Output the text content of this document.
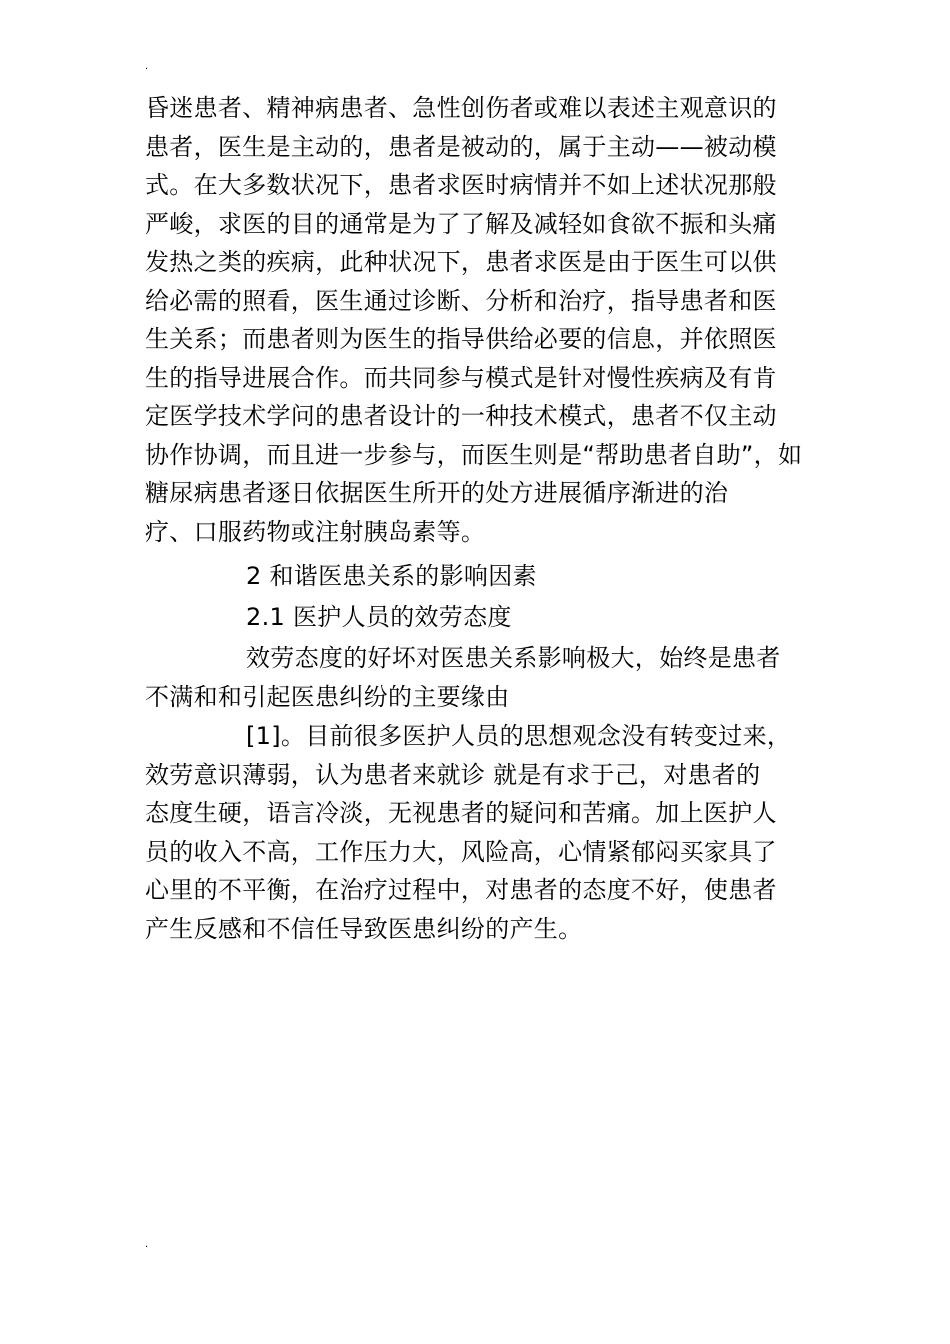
.
昏迷患者、精神病患者、急性创伤者或难以表述主观意识的
患者，医生是主动的，患者是被动的，属于主动——被动模
式。在大多数状况下，患者求医时病情并不如上述状况那般
严峻，求医的目的通常是为了了解及减轻如食欲不振和头痛
发热之类的疾病，此种状况下，患者求医是由于医生可以供
给必需的照看，医生通过诊断、分析和治疗，指导患者和医
生关系；而患者则为医生的指导供给必要的信息，并依照医
生的指导进展合作。而共同参与模式是针对慢性疾病及有肯
定医学技术学问的患者设计的一种技术模式，患者不仅主动
协作协调，而且进一步参与，而医生则是“帮助患者自助”，如
糖尿病患者逐日依据医生所开的处方进展循序渐进的治
疗、口服药物或注射胰岛素等。
2 和谐医患关系的影响因素
2.1 医护人员的效劳态度
效劳态度的好坏对医患关系影响极大，始终是患者
不满和和引起医患纠纷的主要缘由
[1]。目前很多医护人员的思想观念没有转变过来，
效劳意识薄弱，认为患者来就诊 就是有求于己，对患者的
态度生硬，语言冷淡，无视患者的疑问和苦痛。加上医护人
员的收入不高，工作压力大，风险高，心情紧郁闷买家具了
心里的不平衡，在治疗过程中，对患者的态度不好，使患者
产生反感和不信任导致医患纠纷的产生。
.
